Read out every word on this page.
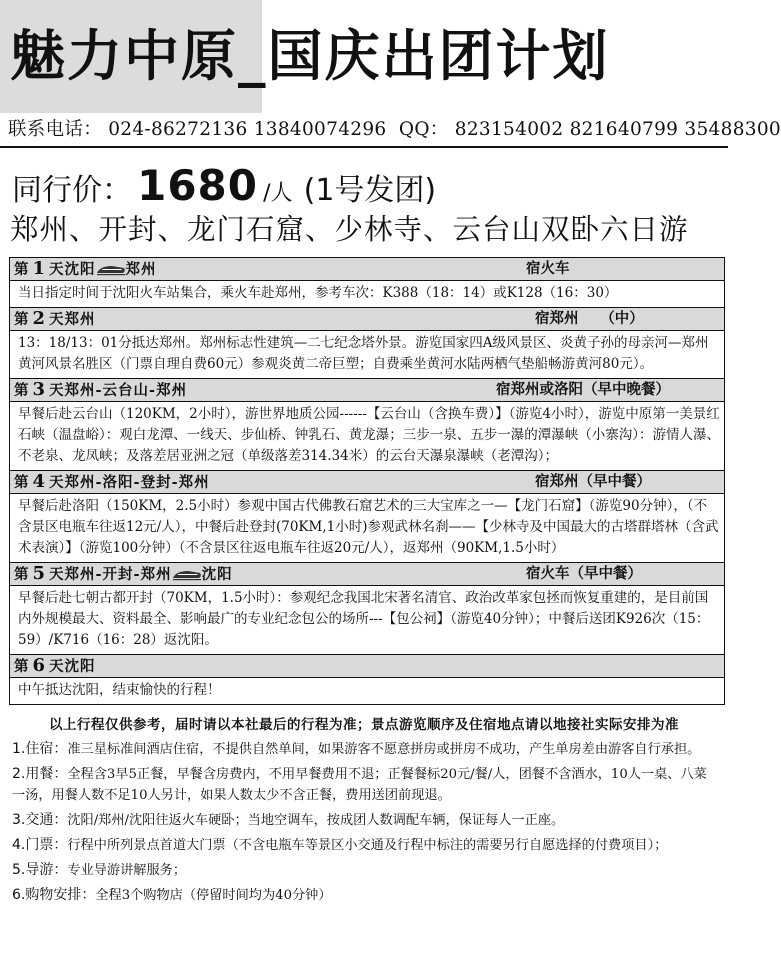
魅力中原_国庆出团计划
联系电话： 024-86272136 13840074296 QQ： 823154002 821640799 35488300
同行价： 1680 /人 (1号发团)
郑州、开封、龙门石窟、少林寺、云台山双卧六日游
第 1 天沈阳 郑州	宿火车
当日指定时间于沈阳火车站集合，乘火车赴郑州，参考车次：K388（18：14）或K128（16：30）
第 2 天郑州	宿郑州　　（中）
13：18/13：01分抵达郑州。郑州标志性建筑—二七纪念塔外景。游览国家四A级风景区、炎黄子孙的母亲河—郑州黄河风景名胜区（门票自理自费60元）参观炎黄二帝巨塑；自费乘坐黄河水陆两栖气垫船畅游黄河80元）。
第 3 天郑州-云台山-郑州	宿郑州或洛阳（早中晚餐）
早餐后赴云台山（120KM，2小时），游世界地质公园------【云台山（含换车费）】（游览4小时），游览中原第一美景红石峡（温盘峪）：观白龙潭、一线天、步仙桥、钟乳石、黄龙瀑；三步一泉、五步一瀑的潭瀑峡（小寨沟）：游情人瀑、不老泉、龙凤峡；及落差居亚洲之冠（单级落差314.34米）的云台天瀑泉瀑峡（老潭沟）；
第 4 天郑州-洛阳-登封-郑州	宿郑州（早中餐）
早餐后赴洛阳（150KM，2.5小时）参观中国古代佛教石窟艺术的三大宝库之一—【龙门石窟】（游览90分钟），（不含景区电瓶车往返12元/人），中餐后赴登封(70KM,1小时)参观武林名刹——【少林寺及中国最大的古塔群塔林（含武术表演）】（游览100分钟）（不含景区往返电瓶车往返20元/人），返郑州（90KM,1.5小时）
第 5 天郑州-开封-郑州 沈阳	宿火车（早中餐）
早餐后赴七朝古都开封（70KM，1.5小时）：参观纪念我国北宋著名清官、政治改革家包拯而恢复重建的，是目前国内外规模最大、资料最全、影响最广的专业纪念包公的场所---【包公祠】（游览40分钟）；中餐后送团K926次（15：59）/K716（16：28）返沈阳。
第 6 天沈阳
中午抵达沈阳，结束愉快的行程！
以上行程仅供参考，届时请以本社最后的行程为准；景点游览顺序及住宿地点请以地接社实际安排为准
1.住宿：准三星标准间酒店住宿，不提供自然单间，如果游客不愿意拼房或拼房不成功，产生单房差由游客自行承担。
2.用餐：全程含3早5正餐，早餐含房费内，不用早餐费用不退；正餐餐标20元/餐/人，团餐不含酒水，10人一桌、八菜一汤，用餐人数不足10人另计，如果人数太少不含正餐，费用送团前现退。
3.交通：沈阳/郑州/沈阳往返火车硬卧；当地空调车，按成团人数调配车辆，保证每人一正座。
4.门票：行程中所列景点首道大门票（不含电瓶车等景区小交通及行程中标注的需要另行自愿选择的付费项目）；
5.导游：专业导游讲解服务；
6.购物安排：全程3个购物店（停留时间均为40分钟）
